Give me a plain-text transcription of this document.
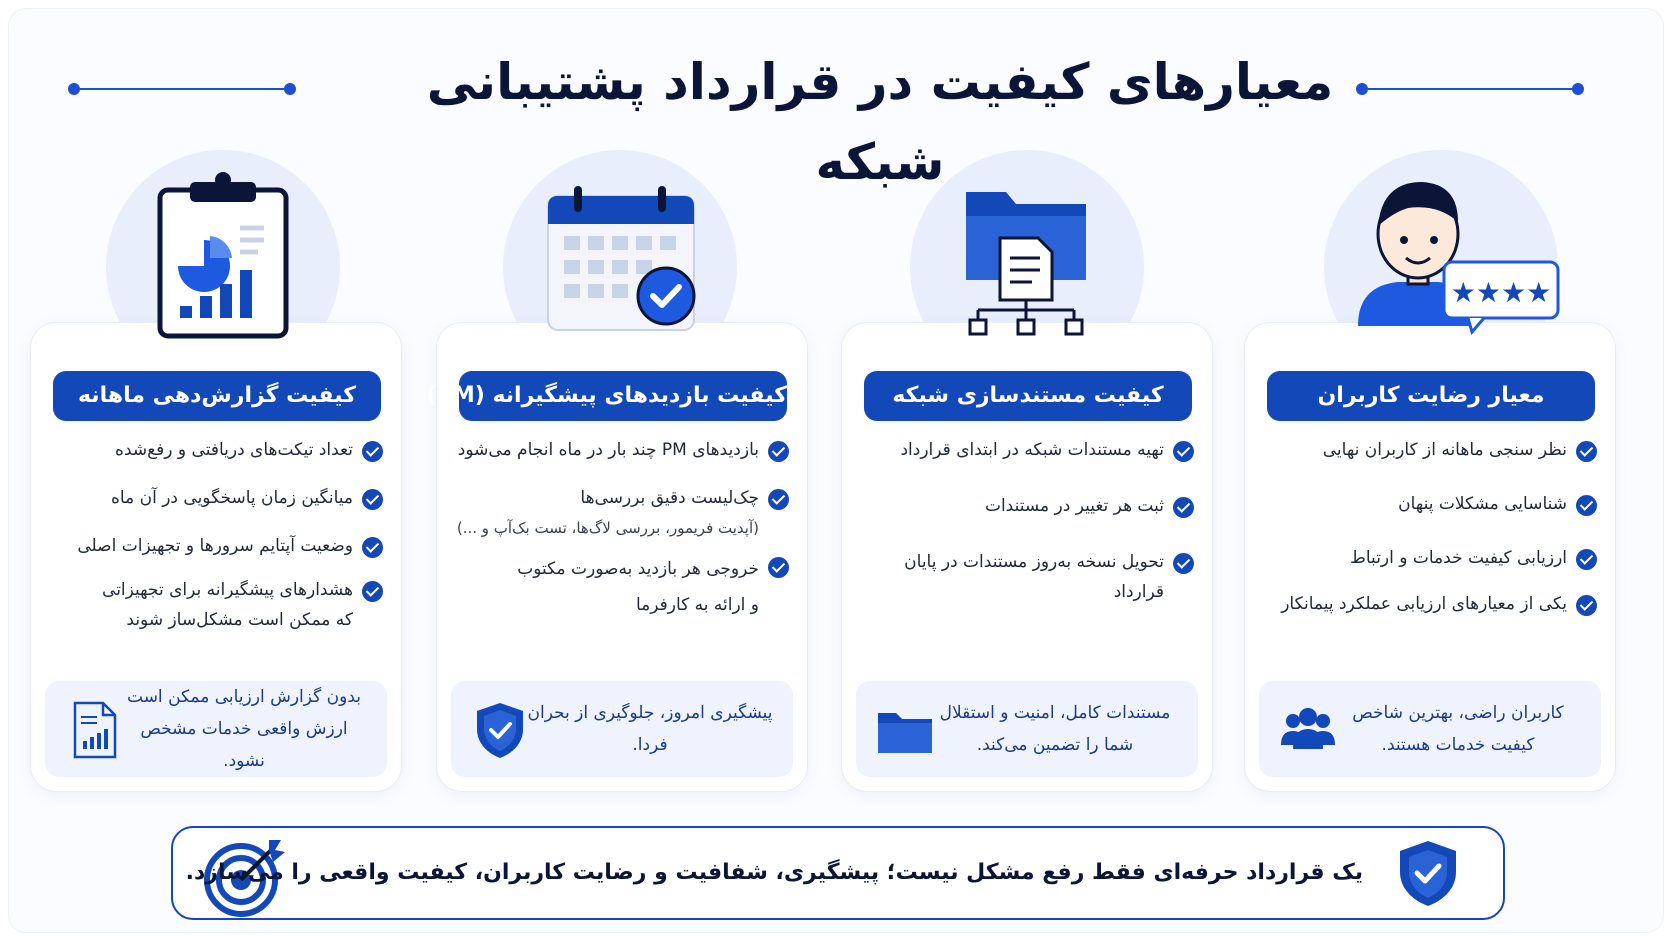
معیارهای کیفیت در قرارداد پشتیبانی شبکه
معیار رضایت کاربران
نظر سنجی ماهانه از کاربران نهایی
شناسایی مشکلات پنهان
ارزیابی کیفیت خدمات و ارتباط
یکی از معیارهای ارزیابی عملکرد پیمانکار
کاربران راضی، بهترین شاخص کیفیت خدمات هستند.
کیفیت مستندسازی شبکه
تهیه مستندات شبکه در ابتدای قرارداد
ثبت هر تغییر در مستندات
تحویل نسخه به‌روز مستندات در پایان قرارداد
مستندات کامل، امنیت و استقلال شما را تضمین می‌کند.
کیفیت بازدیدهای پیشگیرانه (PM)
بازدیدهای PM چند بار در ماه انجام می‌شود
چک‌لیست دقیق بررسی‌ها
(آپدیت فریمور، بررسی لاگ‌ها، تست بک‌آپ و ...)
خروجی هر بازدید به‌صورت مکتوب و ارائه به کارفرما
پیشگیری امروز، جلوگیری از بحران فردا.
کیفیت گزارش‌دهی ماهانه
تعداد تیکت‌های دریافتی و رفع‌شده
میانگین زمان پاسخگویی در آن ماه
وضعیت آپتایم سرورها و تجهیزات اصلی
هشدارهای پیشگیرانه برای تجهیزاتی که ممکن است مشکل‌ساز شوند
بدون گزارش ارزیابی ممکن است ارزش واقعی خدمات مشخص نشود.
★★★★
یک قرارداد حرفه‌ای فقط رفع مشکل نیست؛ پیشگیری، شفافیت و رضایت کاربران، کیفیت واقعی را می‌سازد.
